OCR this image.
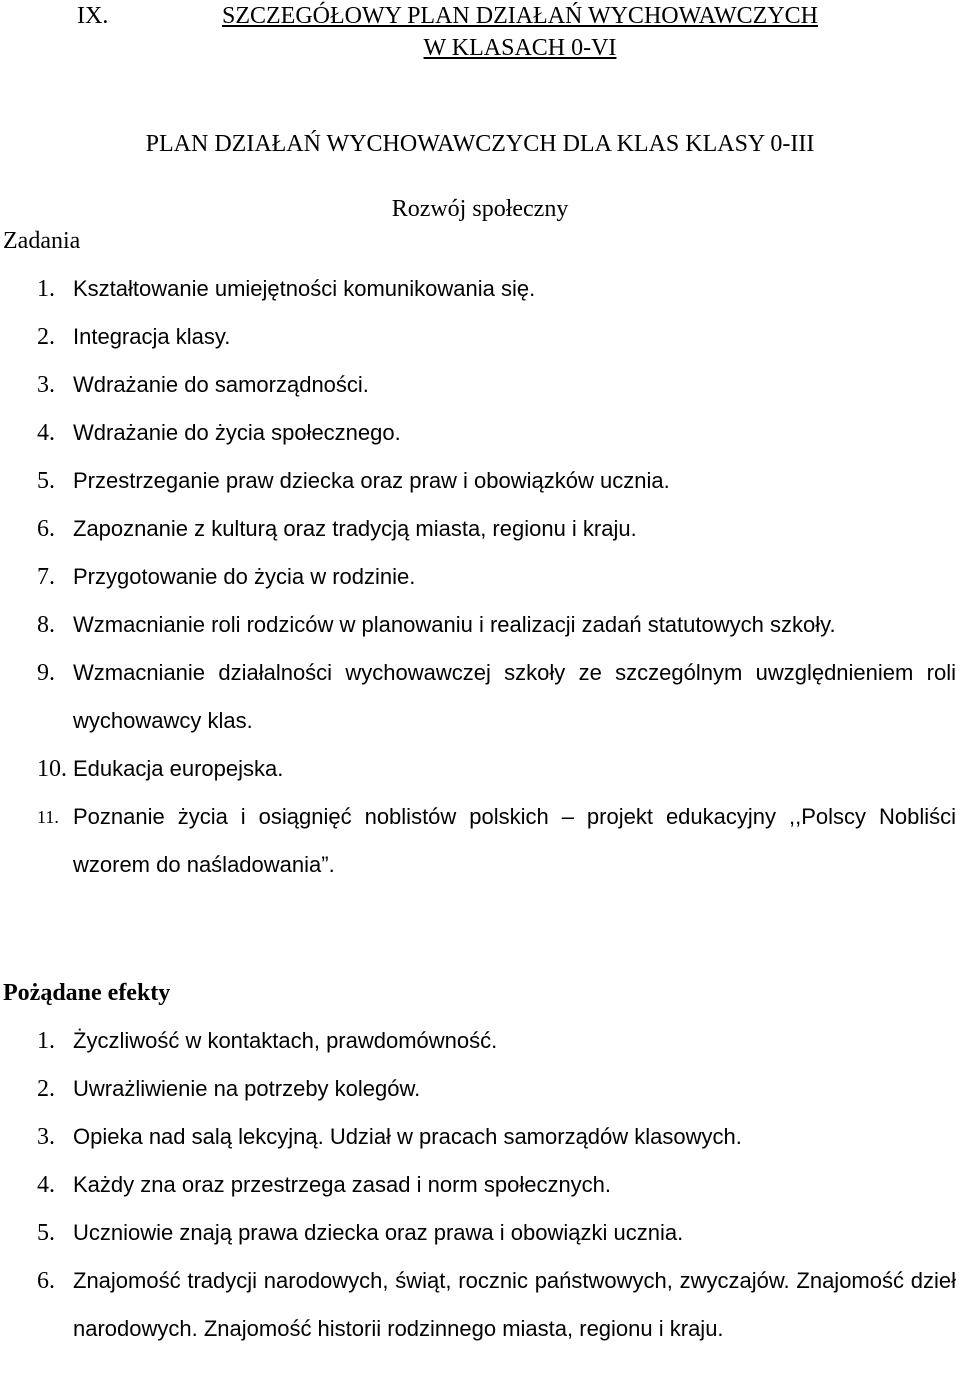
IX.	SZCZEGÓŁOWY PLAN DZIAŁAŃ WYCHOWAWCZYCH
W KLASACH 0-VI
PLAN DZIAŁAŃ WYCHOWAWCZYCH DLA KLAS KLASY 0-III
Rozwój społeczny
Zadania
1. Kształtowanie umiejętności komunikowania się.
2. Integracja klasy.
3. Wdrażanie do samorządności.
4. Wdrażanie do życia społecznego.
5. Przestrzeganie praw dziecka oraz praw i obowiązków ucznia.
6. Zapoznanie z kulturą oraz tradycją miasta, regionu i kraju.
7. Przygotowanie do życia w rodzinie.
8. Wzmacnianie roli rodziców w planowaniu i realizacji zadań statutowych szkoły.
9. Wzmacnianie działalności wychowawczej szkoły ze szczególnym uwzględnieniem roli wychowawcy klas.
10. Edukacja europejska.
11. Poznanie życia i osiągnięć noblistów polskich – projekt edukacyjny ,,Polscy Nobliści wzorem do naśladowania”.
Pożądane efekty
1. Życzliwość w kontaktach, prawdomówność.
2. Uwrażliwienie na potrzeby kolegów.
3. Opieka nad salą lekcyjną. Udział w pracach samorządów klasowych.
4. Każdy zna oraz przestrzega zasad i norm społecznych.
5. Uczniowie znają prawa dziecka oraz prawa i obowiązki ucznia.
6. Znajomość tradycji narodowych, świąt, rocznic państwowych, zwyczajów. Znajomość dzieł narodowych. Znajomość historii rodzinnego miasta, regionu i kraju.
